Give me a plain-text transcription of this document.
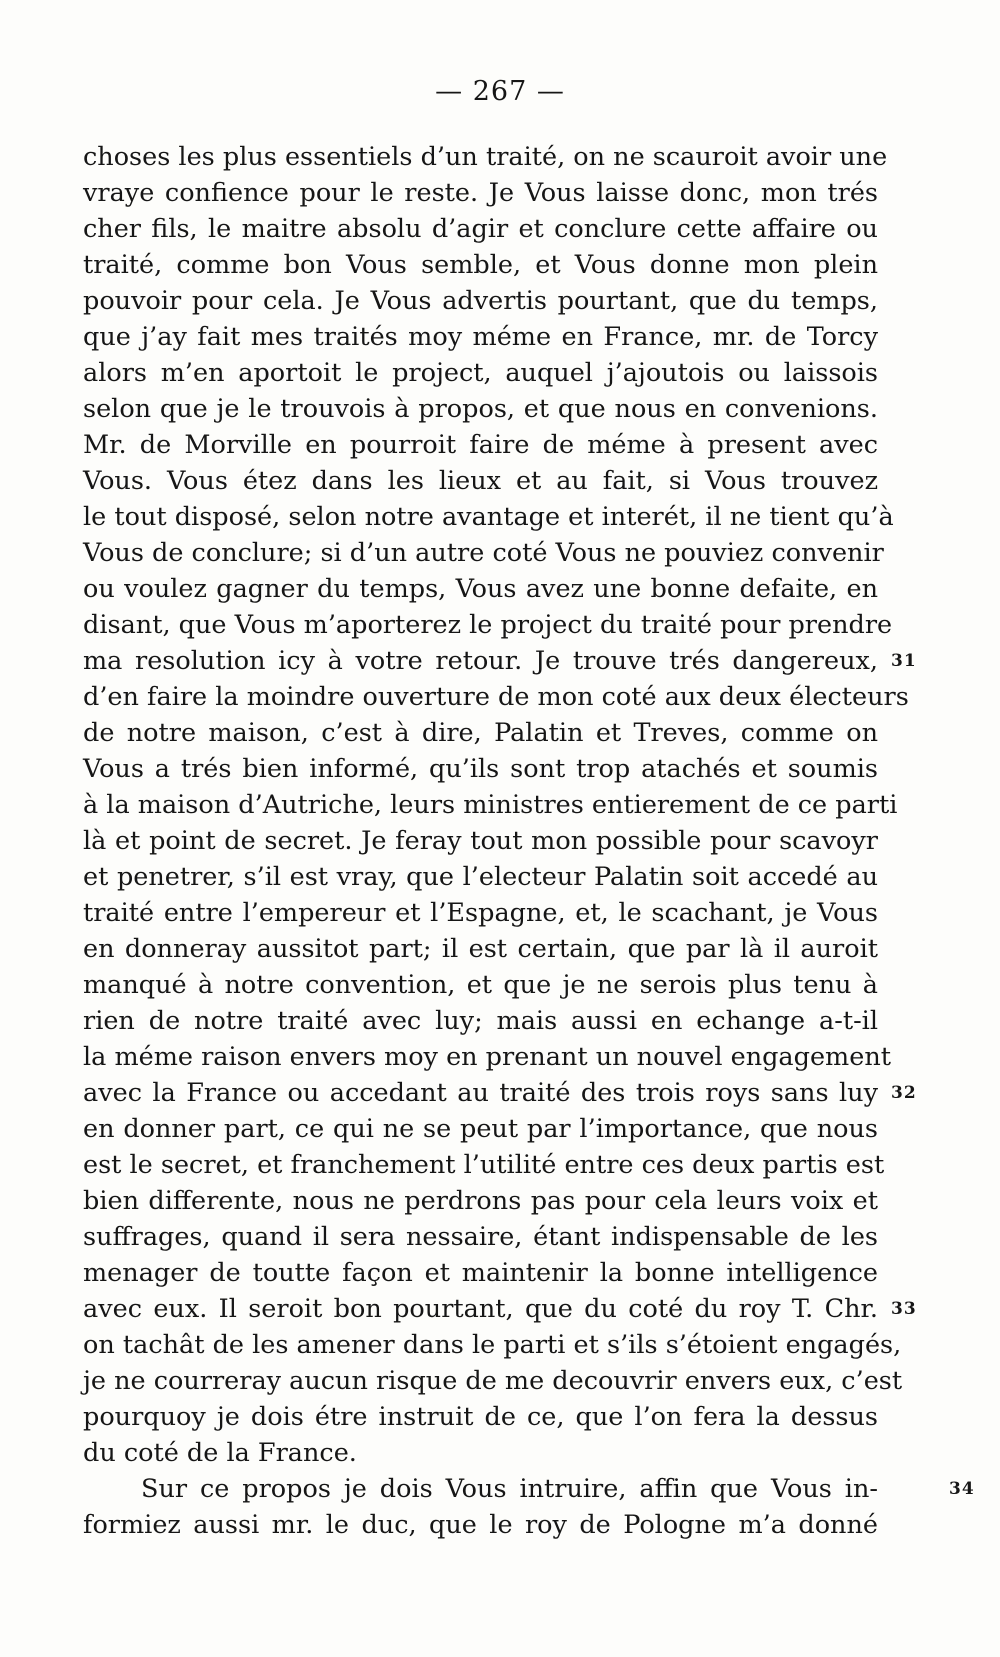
— 267 —
choses les plus essentiels d’un traité, on ne scauroit avoir une
vraye confience pour le reste. Je Vous laisse donc, mon trés
cher fils, le maitre absolu d’agir et conclure cette affaire ou
traité, comme bon Vous semble, et Vous donne mon plein
pouvoir pour cela. Je Vous advertis pourtant, que du temps,
que j’ay fait mes traités moy méme en France, mr. de Torcy
alors m’en aportoit le project, auquel j’ajoutois ou laissois
selon que je le trouvois à propos, et que nous en convenions.
Mr. de Morville en pourroit faire de méme à present avec
Vous. Vous étez dans les lieux et au fait, si Vous trouvez
le tout disposé, selon notre avantage et interét, il ne tient qu’à
Vous de conclure; si d’un autre coté Vous ne pouviez convenir
ou voulez gagner du temps, Vous avez une bonne defaite, en
disant, que Vous m’aporterez le project du traité pour prendre
ma resolution icy à votre retour. Je trouve trés dangereux, 31
d’en faire la moindre ouverture de mon coté aux deux électeurs
de notre maison, c’est à dire, Palatin et Treves, comme on
Vous a trés bien informé, qu’ils sont trop atachés et soumis
à la maison d’Autriche, leurs ministres entierement de ce parti
là et point de secret. Je feray tout mon possible pour scavoyr
et penetrer, s’il est vray, que l’electeur Palatin soit accedé au
traité entre l’empereur et l’Espagne, et, le scachant, je Vous
en donneray aussitot part; il est certain, que par là il auroit
manqué à notre convention, et que je ne serois plus tenu à
rien de notre traité avec luy; mais aussi en echange a-t-il
la méme raison envers moy en prenant un nouvel engagement
avec la France ou accedant au traité des trois roys sans luy 32
en donner part, ce qui ne se peut par l’importance, que nous
est le secret, et franchement l’utilité entre ces deux partis est
bien differente, nous ne perdrons pas pour cela leurs voix et
suffrages, quand il sera nessaire, étant indispensable de les
menager de toutte façon et maintenir la bonne intelligence
avec eux. Il seroit bon pourtant, que du coté du roy T. Chr. 33
on tachât de les amener dans le parti et s’ils s’étoient engagés,
je ne courreray aucun risque de me decouvrir envers eux, c’est
pourquoy je dois étre instruit de ce, que l’on fera la dessus
du coté de la France.
Sur ce propos je dois Vous intruire, affin que Vous in-	34
formiez aussi mr. le duc, que le roy de Pologne m’a donné
